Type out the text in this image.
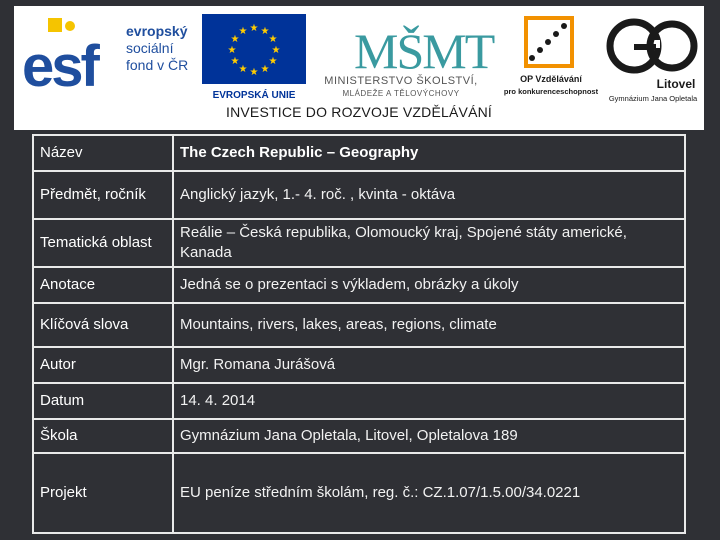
esf
evropský
sociální
fond v ČR
★ ★
★
★
★
★
★
★
★
★
★
★
EVROPSKÁ UNIE
MŠMT
MINISTERSTVO ŠKOLSTVÍ,
MLÁDEŽE A TĚLOVÝCHOVY
OP Vzdělávání
pro konkurenceschopnost
Litovel
Gymnázium Jana Opletala
INVESTICE DO ROZVOJE VZDĚLÁVÁNÍ
Název	The Czech Republic – Geography
Předmět, ročník	Anglický jazyk, 1.- 4. roč. , kvinta - oktáva
Tematická oblast	Reálie – Česká republika, Olomoucký kraj, Spojené státy americké, Kanada
Anotace	Jedná se o prezentaci s výkladem, obrázky a úkoly
Klíčová slova	Mountains, rivers, lakes, areas, regions, climate
Autor	Mgr. Romana Jurášová
Datum	14. 4. 2014
Škola	Gymnázium Jana Opletala, Litovel, Opletalova 189
Projekt	EU peníze středním školám, reg. č.: CZ.1.07/1.5.00/34.0221
